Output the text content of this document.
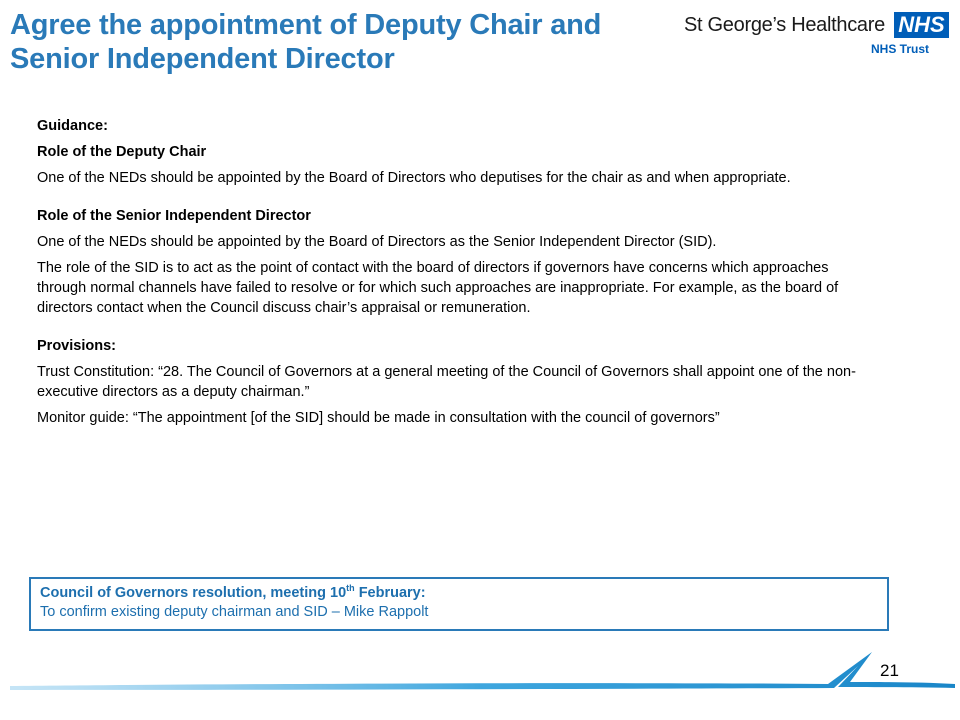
Agree the appointment of Deputy Chair and
Senior Independent Director
St George’s Healthcare NHS
NHS Trust

Guidance:

Role of the Deputy Chair

One of the NEDs should be appointed by the Board of Directors who deputises for the chair as and when appropriate.

Role of the Senior Independent Director

One of the NEDs should be appointed by the Board of Directors as the Senior Independent Director (SID).

The role of the SID is to act as the point of contact with the board of directors if governors have concerns which approaches through normal channels have failed to resolve or for which such approaches are inappropriate. For example, as the board of directors contact when the Council discuss chair’s appraisal or remuneration.

Provisions:

Trust Constitution: “28. The Council of Governors at a general meeting of the Council of Governors shall appoint one of the non-executive directors as a deputy chairman.”

Monitor guide: “The appointment [of the SID] should be made in consultation with the council of governors”

Council of Governors resolution, meeting 10th February:
To confirm existing deputy chairman and SID – Mike Rappolt
21
